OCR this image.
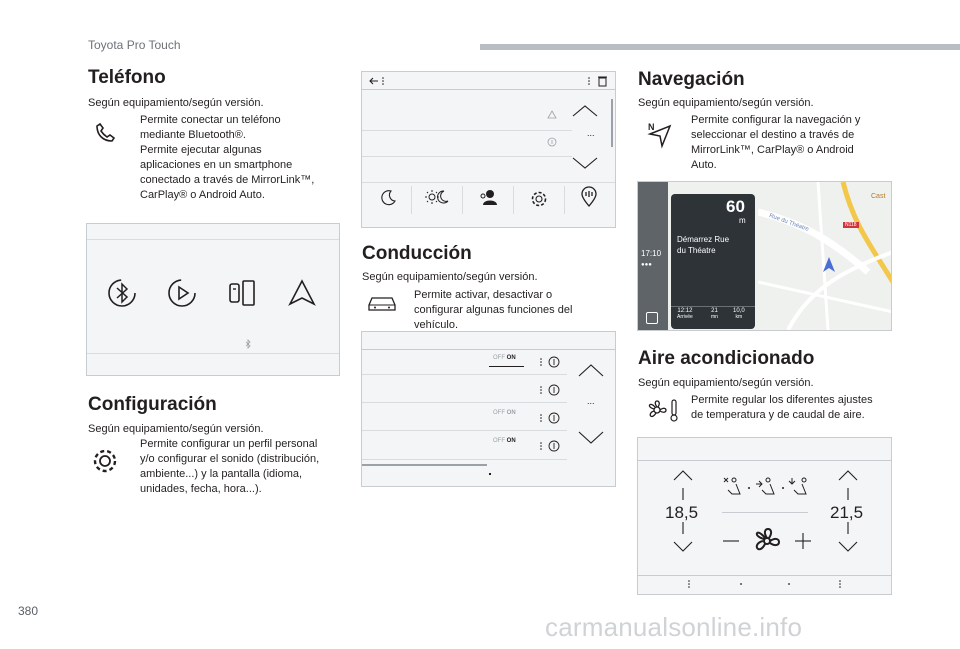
Toyota Pro Touch
Teléfono
Según equipamiento/según versión.
Permite conectar un teléfono
mediante Bluetooth®.
Permite ejecutar algunas
aplicaciones en un smartphone
conectado a través de MirrorLink™,
CarPlay® o Android Auto.
Configuración
Según equipamiento/según versión.
Permite configurar un perfil personal
y/o configurar el sonido (distribución,
ambiente...) y la pantalla (idioma,
unidades, fecha, hora...).
...
Conducción
Según equipamiento/según versión.
Permite activar, desactivar o
configurar algunas funciones del
vehículo.
OFF ON
OFF ON
OFF ON
...
Navegación
Según equipamiento/según versión.
N
Permite configurar la navegación y
seleccionar el destino a través de
MirrorLink™, CarPlay® o Android
Auto.
17:10
●●●
N118
Rue du Théatre
Cast
60
m
Démarrez Rue
du Théatre
12:12
Arrivée
21
mn
10,0
km
Aire acondicionado
Según equipamiento/según versión.
Permite regular los diferentes ajustes
de temperatura y de caudal de aire.
18,5	21,5
380
carmanualsonline.info
